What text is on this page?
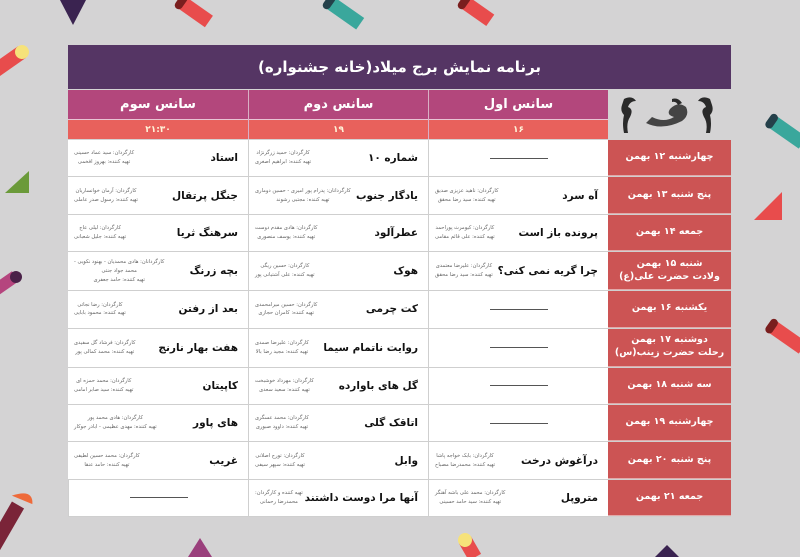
برنامه نمایش برج میلاد(خانه جشنواره)
سانس اول
۱۶
سانس دوم
۱۹
سانس سوم
۲۱:۳۰
چهارشنبه ۱۲ بهمن
شماره ۱۰
کارگردان: حمید زرگرنژاد
تهیه کننده: ابراهیم اصغری
استاد
کارگردان: سید عماد حسینی
تهیه کننده: بهروز افخمی
پنج شنبه ۱۳ بهمن
آه سرد
کارگردان: ناهید عزیزی صدیق
تهیه کننده: سید رضا محقق
یادگار جنوب
کارگردانان: پدرام پور امیری - حسین دوماری
تهیه کننده: مجتبی رشوند
جنگل پرتقال
کارگردان: آرمان خوانساریان
تهیه کننده: رسول صدر عاملی
جمعه ۱۴ بهمن
پرونده باز است
کارگردان: کیومرث پوراحمد
تهیه کننده: علی قائم مقامی
عطرآلود
کارگردان: هادی مقدم دوست
تهیه کننده: یوسف منصوری
سرهنگ ثریا
کارگردان: لیلی عاج
تهیه کننده: جلیل شعبانی
شنبه ۱۵ بهمن
ولادت حضرت علی(ع)
چرا گریه نمی کنی؟
کارگردان: علیرضا معتمدی
تهیه کننده: سید رضا محقق
هوک
کارگردان: حسین ریگی
تهیه کننده: علی آشتیانی پور
بچه زرنگ
کارگردانان: هادی محمدیان - بهنود نکویی -
محمد جواد جنتی
تهیه کننده: حامد جعفری
یکشنبه ۱۶ بهمن
کت چرمی
کارگردان: حسین میرامحمدی
تهیه کننده: کامران حجازی
بعد از رفتن
کارگردان: رضا نجاتی
تهیه کننده: محمود بابایی
دوشنبه ۱۷ بهمن
رحلت حضرت زینب(س)
روایت ناتمام سیما
کارگردان: علیرضا صمدی
تهیه کننده: مجید رضا بالا
هفت بهار نارنج
کارگردان: فرشاد گل سفیدی
تهیه کننده: محمد کمالی پور
سه شنبه ۱۸ بهمن
گل های باوارده
کارگردان: مهرداد خوشبخت
تهیه کننده: سعید سعدی
کاپیتان
کارگردان: محمد حمزه ای
تهیه کننده: سید صابر امامی
چهارشنبه ۱۹ بهمن
اتاقک گلی
کارگردان: محمد عسگری
تهیه کننده: داوود صبوری
های پاور
کارگردان: هادی محمد پور
تهیه کننده: مهدی عظیمی - اباذر جوکار
پنج شنبه ۲۰ بهمن
درآغوش درخت
کارگردان: بابک خواجه پاشا
تهیه کننده: محمدرضا مصباح
وابل
کارگردان: تورج اصلانی
تهیه کننده: سپهر سیفی
غریب
کارگردان: محمد حسین لطیفی
تهیه کننده: حامد عنقا
جمعه ۲۱ بهمن
متروپل
کارگردان: محمد علی باشه آهنگر
تهیه کننده: سید حامد حسینی
آنها مرا دوست داشتند
تهیه کننده و کارگردان:
محمدرضا رحمانی
